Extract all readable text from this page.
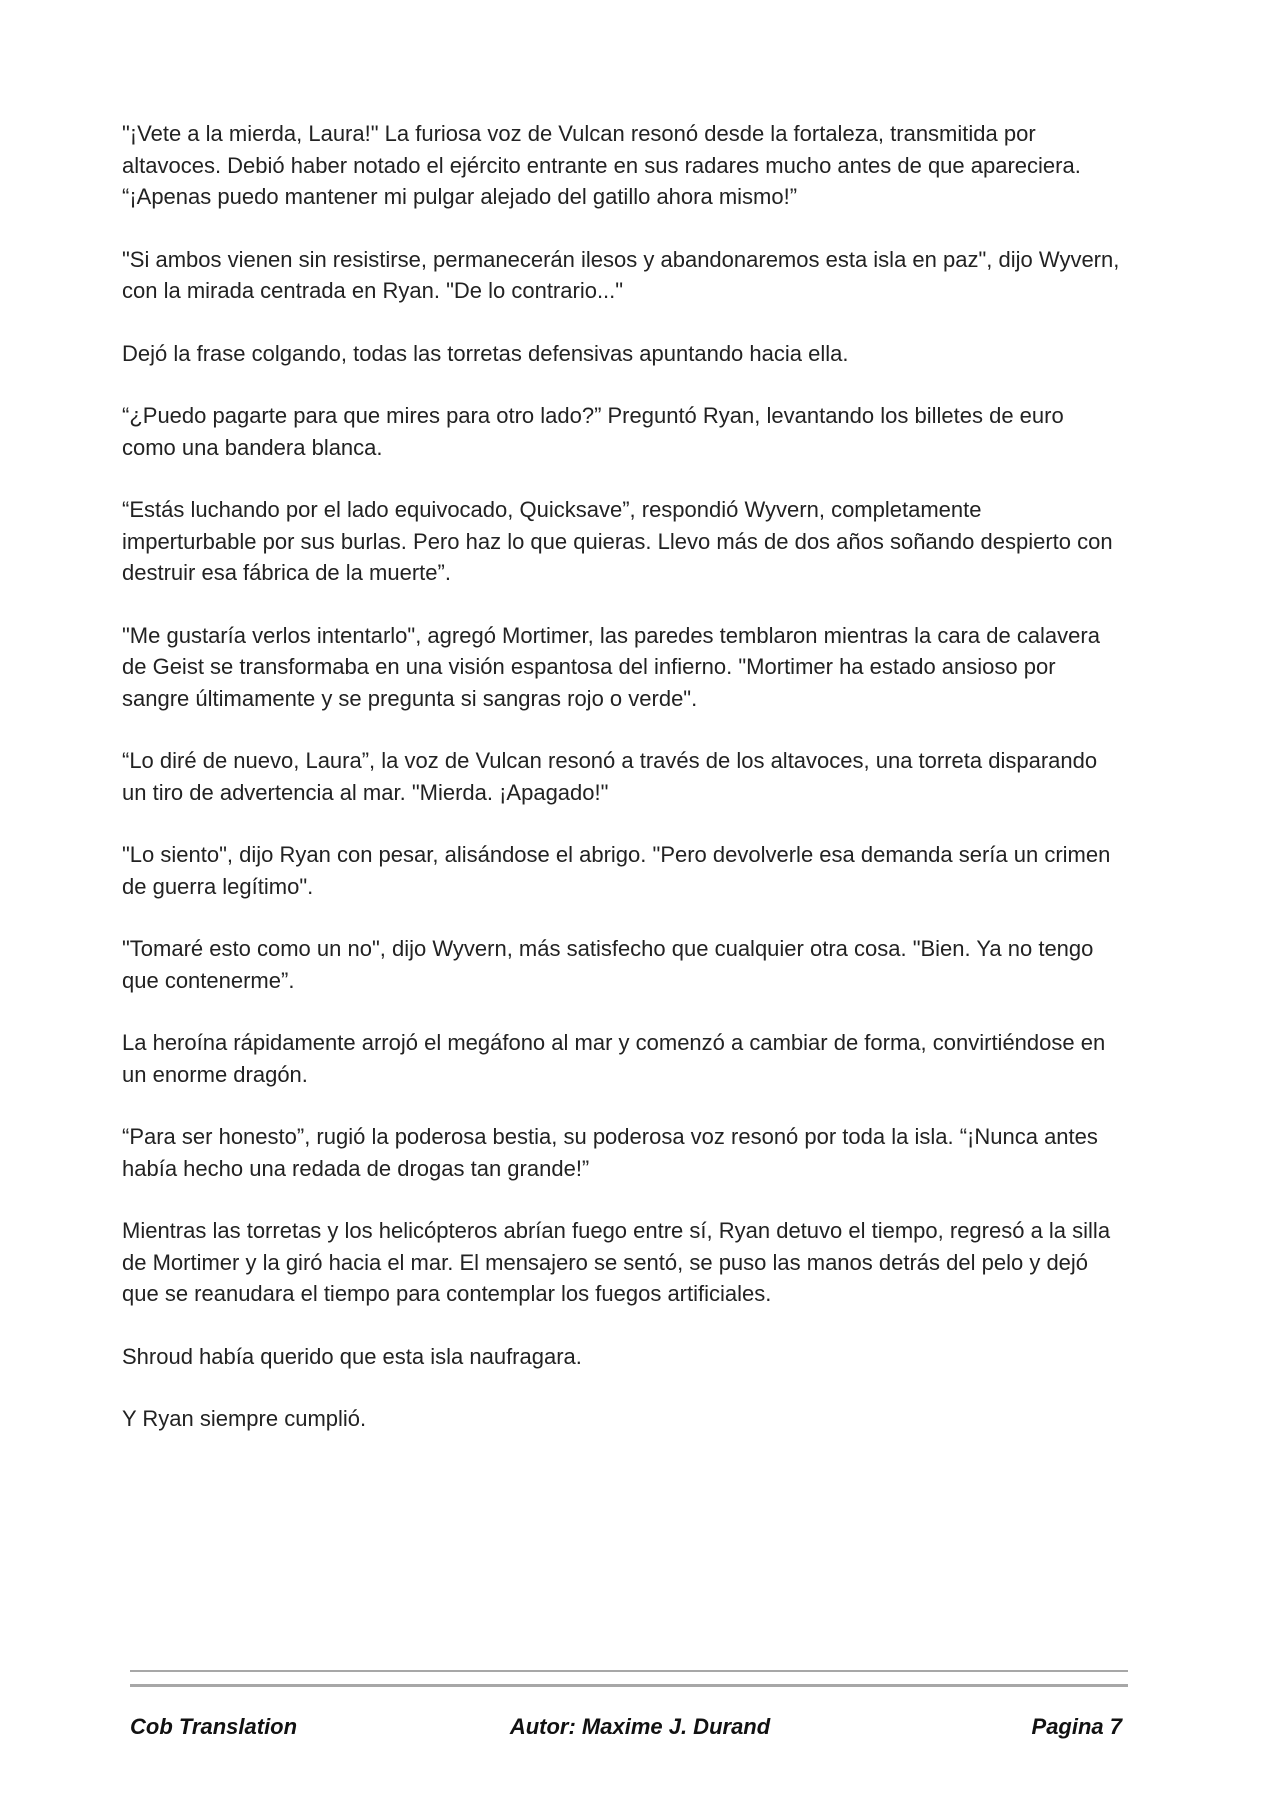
"¡Vete a la mierda, Laura!" La furiosa voz de Vulcan resonó desde la fortaleza, transmitida por altavoces. Debió haber notado el ejército entrante en sus radares mucho antes de que apareciera. “¡Apenas puedo mantener mi pulgar alejado del gatillo ahora mismo!”

"Si ambos vienen sin resistirse, permanecerán ilesos y abandonaremos esta isla en paz", dijo Wyvern, con la mirada centrada en Ryan. "De lo contrario..."

Dejó la frase colgando, todas las torretas defensivas apuntando hacia ella.

“¿Puedo pagarte para que mires para otro lado?” Preguntó Ryan, levantando los billetes de euro como una bandera blanca.

“Estás luchando por el lado equivocado, Quicksave”, respondió Wyvern, completamente imperturbable por sus burlas. Pero haz lo que quieras. Llevo más de dos años soñando despierto con destruir esa fábrica de la muerte”.

"Me gustaría verlos intentarlo", agregó Mortimer, las paredes temblaron mientras la cara de calavera de Geist se transformaba en una visión espantosa del infierno. "Mortimer ha estado ansioso por sangre últimamente y se pregunta si sangras rojo o verde".

“Lo diré de nuevo, Laura”, la voz de Vulcan resonó a través de los altavoces, una torreta disparando un tiro de advertencia al mar. "Mierda. ¡Apagado!"

"Lo siento", dijo Ryan con pesar, alisándose el abrigo. "Pero devolverle esa demanda sería un crimen de guerra legítimo".

"Tomaré esto como un no", dijo Wyvern, más satisfecho que cualquier otra cosa. "Bien. Ya no tengo que contenerme”.

La heroína rápidamente arrojó el megáfono al mar y comenzó a cambiar de forma, convirtiéndose en un enorme dragón.

“Para ser honesto”, rugió la poderosa bestia, su poderosa voz resonó por toda la isla. “¡Nunca antes había hecho una redada de drogas tan grande!”

Mientras las torretas y los helicópteros abrían fuego entre sí, Ryan detuvo el tiempo, regresó a la silla de Mortimer y la giró hacia el mar. El mensajero se sentó, se puso las manos detrás del pelo y dejó que se reanudara el tiempo para contemplar los fuegos artificiales.

Shroud había querido que esta isla naufragara.

Y Ryan siempre cumplió.

Cob Translation	Autor: Maxime J. Durand	Pagina 7
